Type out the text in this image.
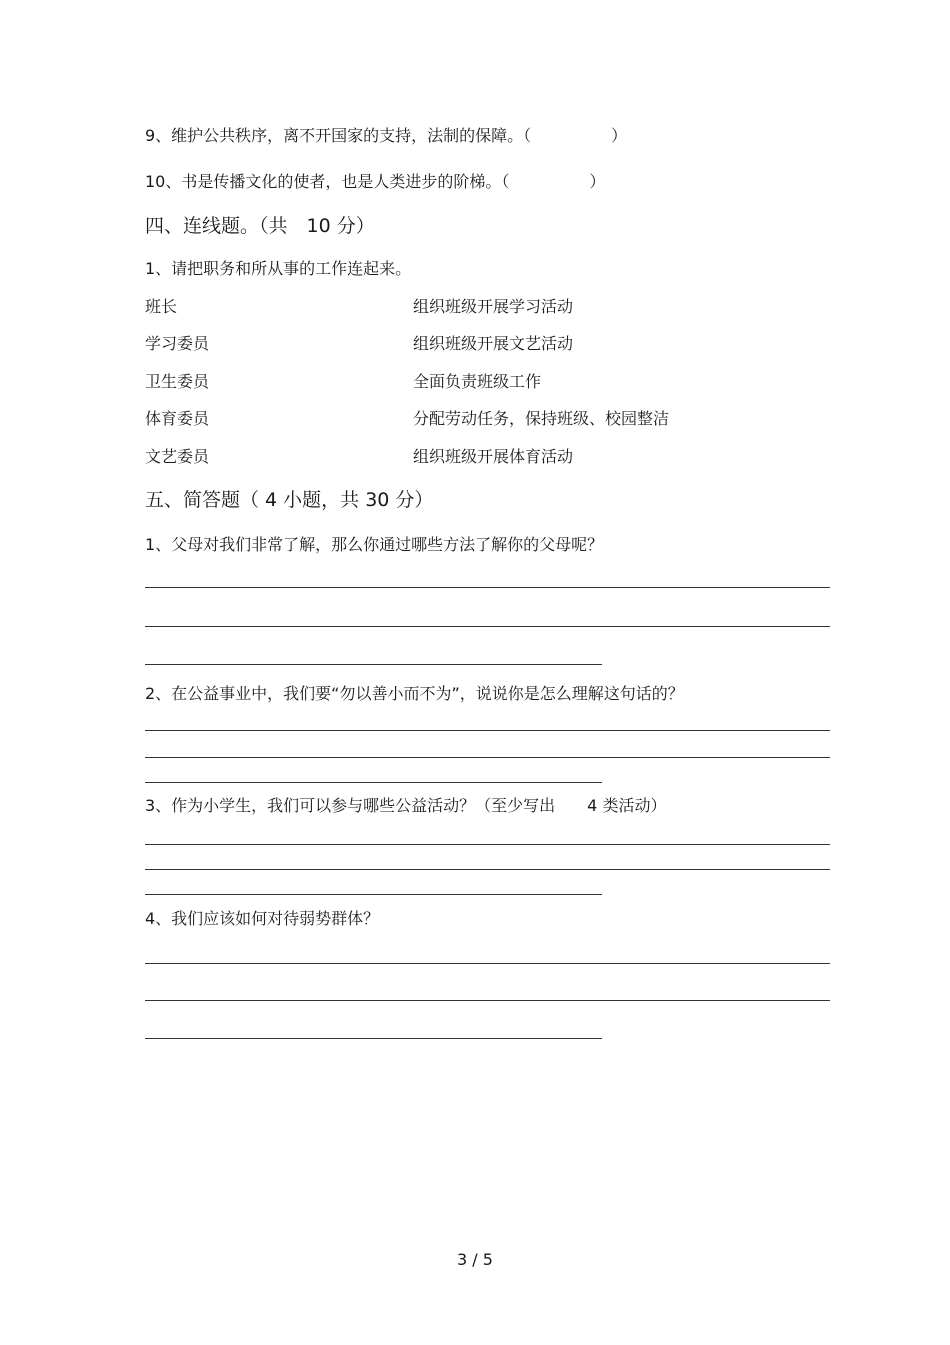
9、维护公共秩序，离不开国家的支持，法制的保障。（　　　　　）
10、书是传播文化的使者，也是人类进步的阶梯。（　　　　　）
四、连线题。（共　10 分）
1、请把职务和所从事的工作连起来。
班长	组织班级开展学习活动
学习委员	组织班级开展文艺活动
卫生委员	全面负责班级工作
体育委员	分配劳动任务，保持班级、校园整洁
文艺委员	组织班级开展体育活动
五、简答题（ 4 小题，共 30 分）
1、父母对我们非常了解，那么你通过哪些方法了解你的父母呢？
2、在公益事业中，我们要“勿以善小而不为”，说说你是怎么理解这句话的？
3、作为小学生，我们可以参与哪些公益活动？（至少写出　　4 类活动）
4、我们应该如何对待弱势群体？
3 / 5
